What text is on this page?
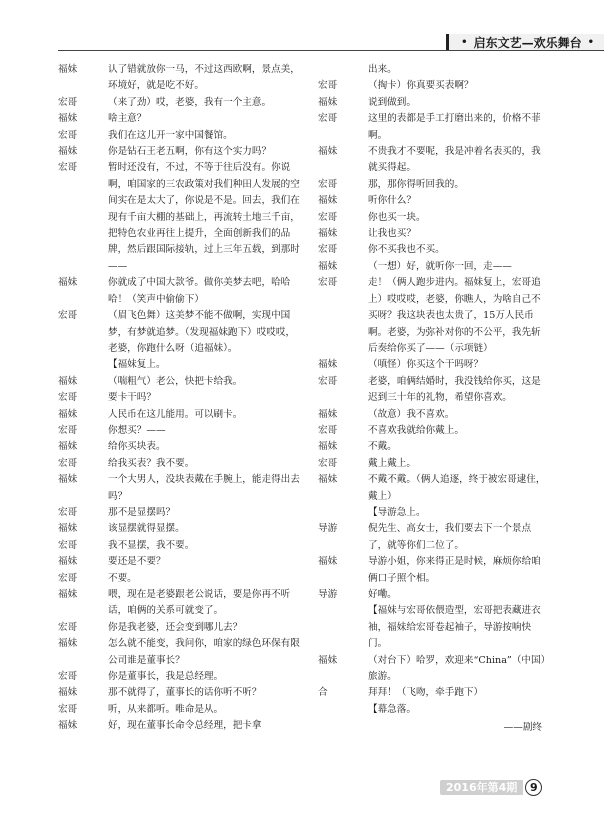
• 启东文艺—欢乐舞台 •
福妹	认了错就放你一马，不过这西欧啊，景点美，环境好，就是吃不好。
宏哥	（来了劲）哎，老婆，我有一个主意。
福妹	啥主意？
宏哥	我们在这儿开一家中国餐馆。
福妹	你是钻石王老五啊，你有这个实力吗？
宏哥	暂时还没有，不过，不等于往后没有。你说啊，咱国家的三农政策对我们种田人发展的空间实在是太大了，你说是不是。回去，我们在现有千亩大棚的基础上，再流转土地三千亩，把特色农业再往上提升，全面创新我们的品牌，然后跟国际接轨，过上三年五载，到那时——
福妹	你就成了中国大款爷。做你美梦去吧，哈哈哈！（笑声中偷偷下）
宏哥	（眉飞色舞）这美梦不能不做啊，实现中国梦，有梦就追梦。（发现福妹跑下）哎哎哎，老婆，你跑什么呀（追福妹）。
【福妹复上。
福妹	（喘粗气）老公，快把卡给我。
宏哥	要卡干吗？
福妹	人民币在这儿能用。可以刷卡。
宏哥	你想买？——
福妹	给你买块表。
宏哥	给我买表？我不要。
福妹	一个大男人，没块表戴在手腕上，能走得出去吗？
宏哥	那不是显摆吗？
福妹	该显摆就得显摆。
宏哥	我不显摆，我不要。
福妹	要还是不要？
宏哥	不要。
福妹	喂，现在是老婆跟老公说话，要是你再不听话，咱俩的关系可就变了。
宏哥	你是我老婆，还会变到哪儿去？
福妹	怎么就不能变，我问你，咱家的绿色环保有限公司谁是董事长？
宏哥	你是董事长，我是总经理。
福妹	那不就得了，董事长的话你听不听？
宏哥	听，从来都听。唯命是从。
福妹	好，现在董事长命令总经理，把卡拿
出来。
宏哥	（掏卡）你真要买表啊？
福妹	说到做到。
宏哥	这里的表都是手工打磨出来的，价格不菲啊。
福妹	不贵我才不要呢，我是冲着名表买的，我就买得起。
宏哥	那，那你得听回我的。
福妹	听你什么？
宏哥	你也买一块。
福妹	让我也买？
宏哥	你不买我也不买。
福妹	（一想）好，就听你一回，走——
宏哥	走！（俩人跑步进内。福妹复上，宏哥追上）哎哎哎，老婆，你瞧人，为啥自己不买呀？我这块表也太贵了，15万人民币啊。老婆，为弥补对你的不公平，我先斩后奏给你买了——（示项链）
福妹	（嗔怪）你买这个干吗呀？
宏哥	老婆，咱俩结婚时，我没钱给你买，这是迟到三十年的礼物，希望你喜欢。
福妹	（故意）我不喜欢。
宏哥	不喜欢我就给你戴上。
福妹	不戴。
宏哥	戴上戴上。
福妹	不戴不戴。（俩人追逐，终于被宏哥逮住，戴上）
【导游急上。
导游	倪先生、高女士，我们要去下一个景点了，就等你们二位了。
福妹	导游小姐，你来得正是时候，麻烦你给咱俩口子照个相。
导游	好嘞。
【福妹与宏哥依偎造型，宏哥把表藏进衣袖，福妹给宏哥卷起袖子，导游按响快门。
福妹	（对台下）哈罗，欢迎来“China”（中国）旅游。
合	拜拜！（飞吻，牵手跑下）
【幕急落。
——剧终
2016年第4期	9
